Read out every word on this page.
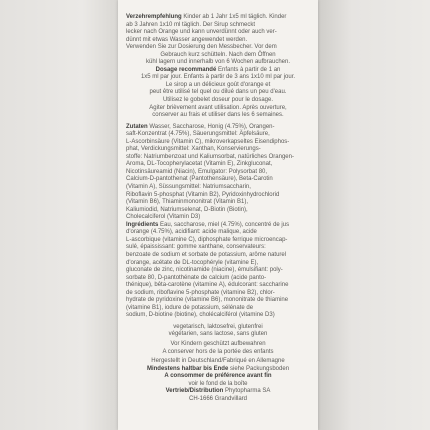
Verzehrempfehlung Kinder ab 1 Jahr 1x5 ml täglich. Kinder
ab 3 Jahren 1x10 ml täglich. Der Sirup schmeckt
lecker nach Orange und kann unverdünnt oder auch ver-
dünnt mit etwas Wasser angewendet werden.
Verwenden Sie zur Dosierung den Messbecher. Vor dem
Gebrauch kurz schütteln. Nach dem Öffnen
kühl lagern und innerhalb von 6 Wochen aufbrauchen.
Dosage recommandé Enfants à partir de 1 an
1x5 ml par jour. Enfants à partir de 3 ans 1x10 ml par jour.
Le sirop a un délicieux goût d'orange et
peut être utilisé tel quel ou dilué dans un peu d'eau.
Utilisez le gobelet doseur pour le dosage.
Agiter brièvement avant utilisation. Après ouverture,
conserver au frais et utiliser dans les 6 semaines.
Zutaten Wasser, Saccharose, Honig (4.75%), Orangen-
saft-Konzentrat (4.75%), Säuerungsmittel: Äpfelsäure,
L-Ascorbinsäure (Vitamin C), mikroverkapseltes Eisendiphos-
phat, Verdickungsmittel: Xanthan, Konservierungs-
stoffe: Natriumbenzoat und Kaliumsorbat, natürliches Orangen-
Aroma, DL-Tocopherylacetat (Vitamin E), Zinkgluconat,
Nicotinsäureamid (Niacin), Emulgator: Polysorbat 80,
Calcium-D-pantothenat (Pantothensäure), Beta-Carotin
(Vitamin A), Süssungsmittel: Natriumsaccharin,
Riboflavin 5-phosphat (Vitamin B2), Pyridoxinhydrochlorid
(Vitamin B6), Thiaminmononitrat (Vitamin B1),
Kaliumiodid, Natriumselenat, D-Biotin (Biotin),
Cholecalciferol (Vitamin D3)
Ingrédients Eau, saccharose, miel (4.75%), concentré de jus
d'orange (4.75%), acidifiant: acide malique, acide
L-ascorbique (vitamine C), diphosphate ferrique microencap-
sulé, épaississant: gomme xanthane, conservateurs:
benzoate de sodium et sorbate de potassium, arôme naturel
d'orange, acétate de DL-tocophéryle (vitamine E),
gluconate de zinc, nicotinamide (niacine), émulsifiant: poly-
sorbate 80, D-pantothénate de calcium (acide panto-
thénique), bêta-carotène (vitamine A), édulcorant: saccharine
de sodium, riboflavine 5-phosphate (vitamine B2), chlor-
hydrate de pyridoxine (vitamine B6), mononitrate de thiamine
(vitamine B1), iodure de potassium, sélénate de
sodium, D-biotine (biotine), cholécalciférol (vitamine D3)
vegetarisch, laktosefrei, glutenfrei
végétarien, sans lactose, sans gluten
Vor Kindern geschützt aufbewahren
A conserver hors de la portée des enfants
Hergestellt in Deutschland/Fabriqué en Allemagne
Mindestens haltbar bis Ende siehe Packungsboden
A consommer de préférence avant fin
voir le fond de la boîte
Vertrieb/Distribution Phytopharma SA
CH-1666 Grandvillard
